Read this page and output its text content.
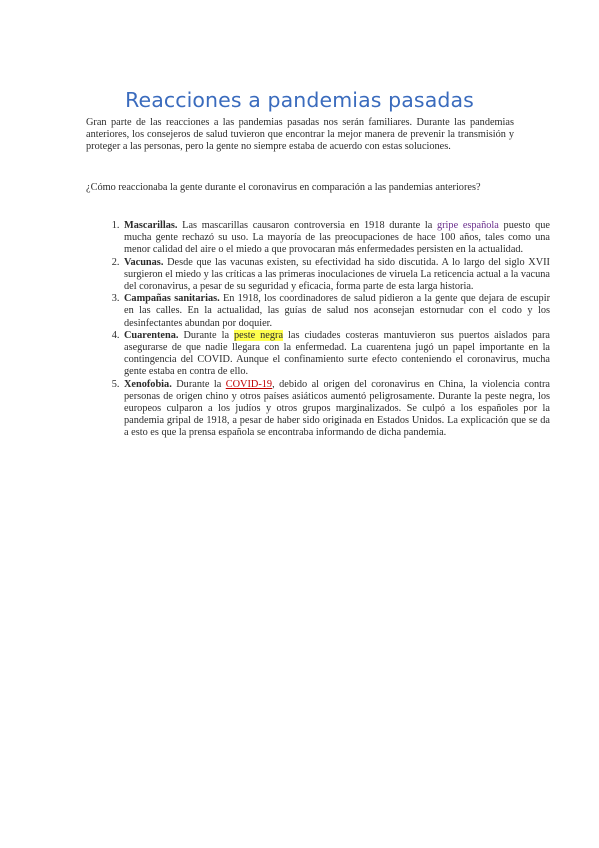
Reacciones a pandemias pasadas

Gran parte de las reacciones a las pandemias pasadas nos serán familiares. Durante las pandemias anteriores, los consejeros de salud tuvieron que encontrar la mejor manera de prevenir la transmisión y proteger a las personas, pero la gente no siempre estaba de acuerdo con estas soluciones.

¿Cómo reaccionaba la gente durante el coronavirus en comparación a las pandemias anteriores?

1. Mascarillas. Las mascarillas causaron controversia en 1918 durante la gripe española puesto que mucha gente rechazó su uso. La mayoría de las preocupaciones de hace 100 años, tales como una menor calidad del aire o el miedo a que provocaran más enfermedades persisten en la actualidad.
2. Vacunas. Desde que las vacunas existen, su efectividad ha sido discutida. A lo largo del siglo XVII surgieron el miedo y las críticas a las primeras inoculaciones de viruela La reticencia actual a la vacuna del coronavirus, a pesar de su seguridad y eficacia, forma parte de esta larga historia.
3. Campañas sanitarias. En 1918, los coordinadores de salud pidieron a la gente que dejara de escupir en las calles. En la actualidad, las guías de salud nos aconsejan estornudar con el codo y los desinfectantes abundan por doquier.
4. Cuarentena. Durante la peste negra las ciudades costeras mantuvieron sus puertos aislados para asegurarse de que nadie llegara con la enfermedad. La cuarentena jugó un papel importante en la contingencia del COVID. Aunque el confinamiento surte efecto conteniendo el coronavirus, mucha gente estaba en contra de ello.
5. Xenofobia. Durante la COVID-19, debido al origen del coronavirus en China, la violencia contra personas de origen chino y otros países asiáticos aumentó peligrosamente. Durante la peste negra, los europeos culparon a los judíos y otros grupos marginalizados. Se culpó a los españoles por la pandemia gripal de 1918, a pesar de haber sido originada en Estados Unidos. La explicación que se da a esto es que la prensa española se encontraba informando de dicha pandemia.
